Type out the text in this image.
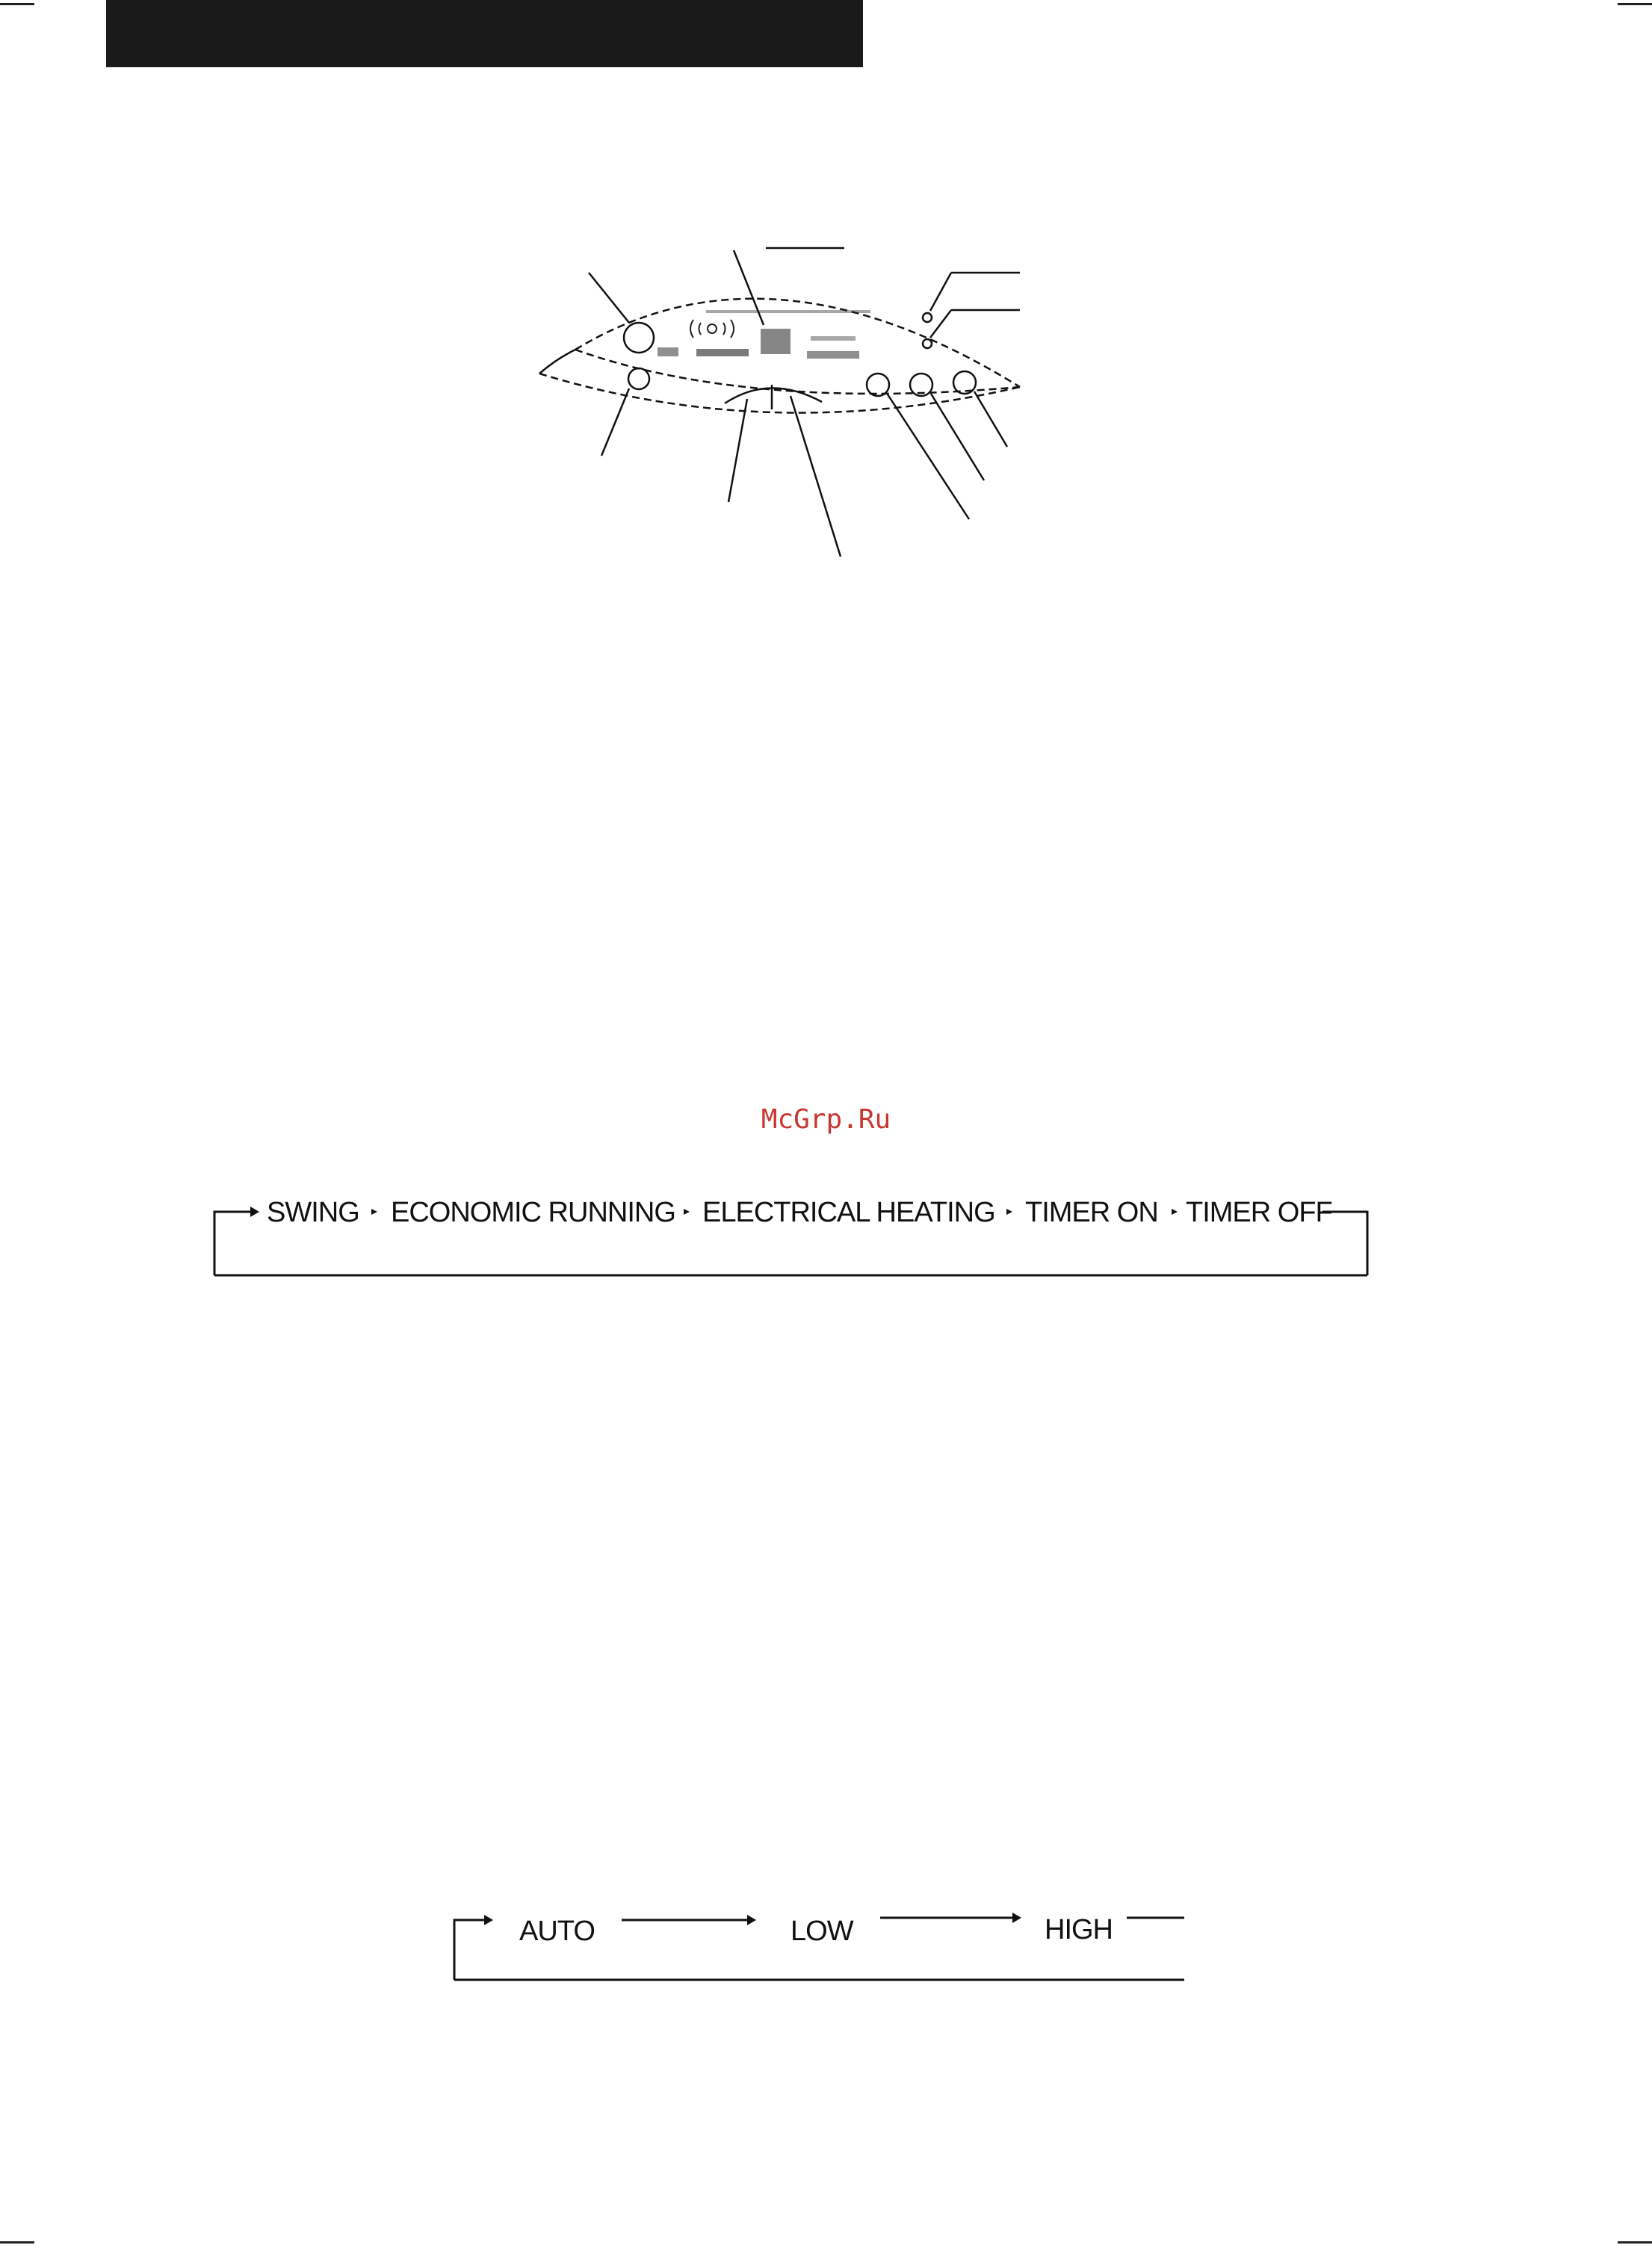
McGrp.Ru
SWING ECONOMIC RUNNING ELECTRICAL HEATING TIMER ON TIMER OFF
AUTO	LOW	HIGH
